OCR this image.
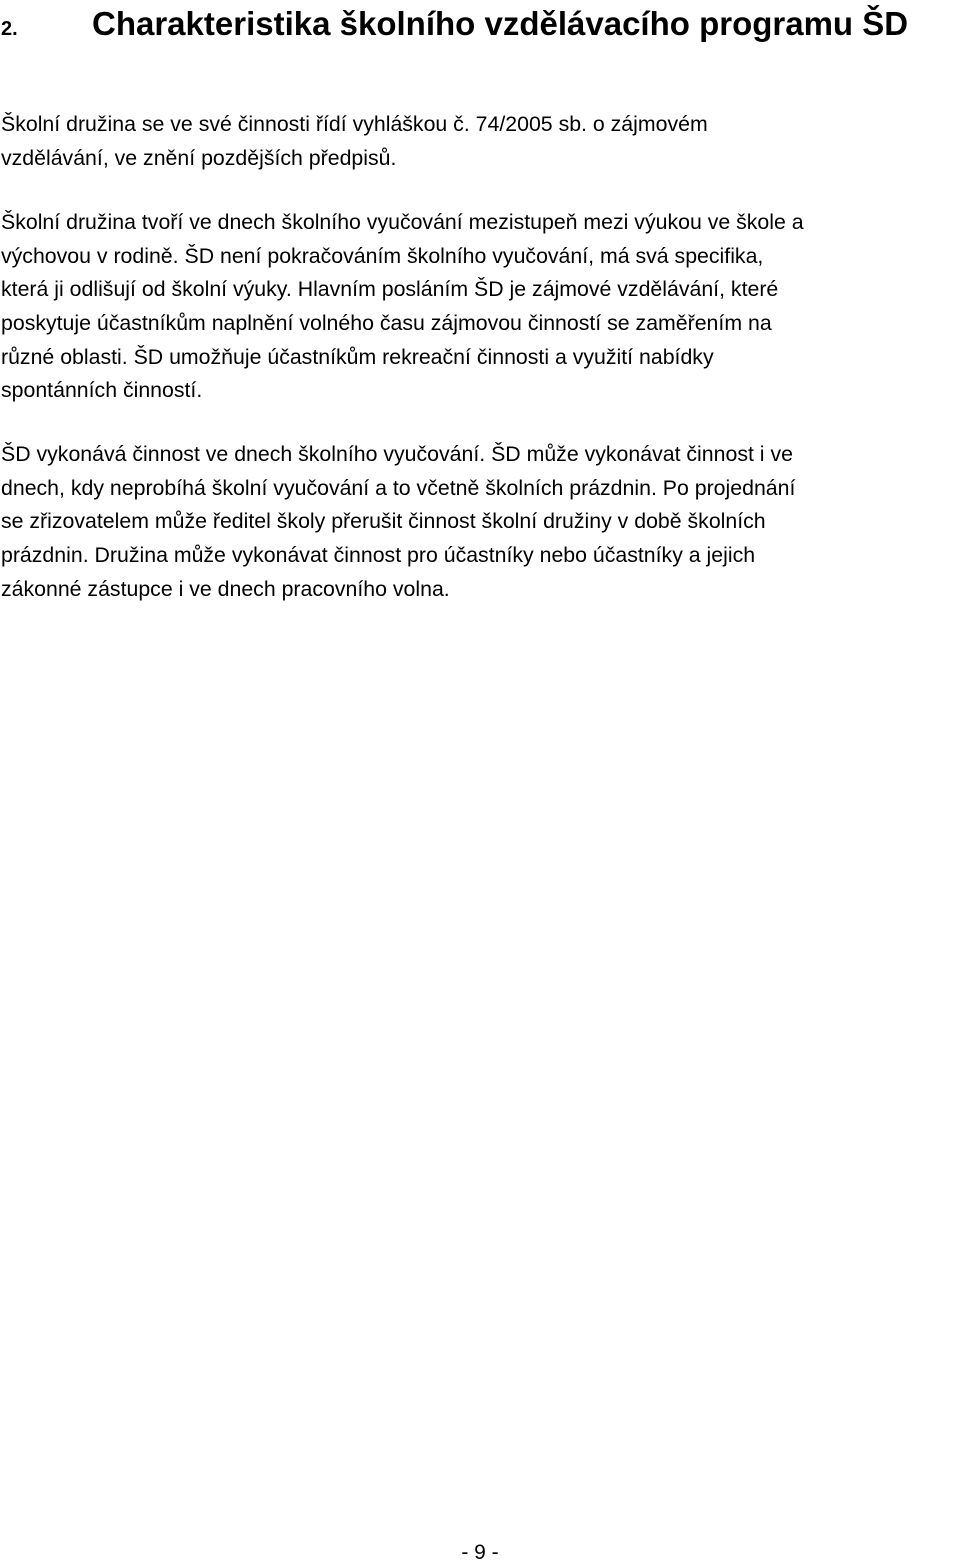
2. Charakteristika školního vzdělávacího programu ŠD

Školní družina se ve své činnosti řídí vyhláškou č. 74/2005 sb. o zájmovém
vzdělávání, ve znění pozdějších předpisů.

Školní družina tvoří ve dnech školního vyučování mezistupeň mezi výukou ve škole a
výchovou v rodině. ŠD není pokračováním školního vyučování, má svá specifika,
která ji odlišují od školní výuky. Hlavním posláním ŠD je zájmové vzdělávání, které
poskytuje účastníkům naplnění volného času zájmovou činností se zaměřením na
různé oblasti. ŠD umožňuje účastníkům rekreační činnosti a využití nabídky
spontánních činností.

ŠD vykonává činnost ve dnech školního vyučování. ŠD může vykonávat činnost i ve
dnech, kdy neprobíhá školní vyučování a to včetně školních prázdnin. Po projednání
se zřizovatelem může ředitel školy přerušit činnost školní družiny v době školních
prázdnin. Družina může vykonávat činnost pro účastníky nebo účastníky a jejich
zákonné zástupce i ve dnech pracovního volna.

- 9 -
